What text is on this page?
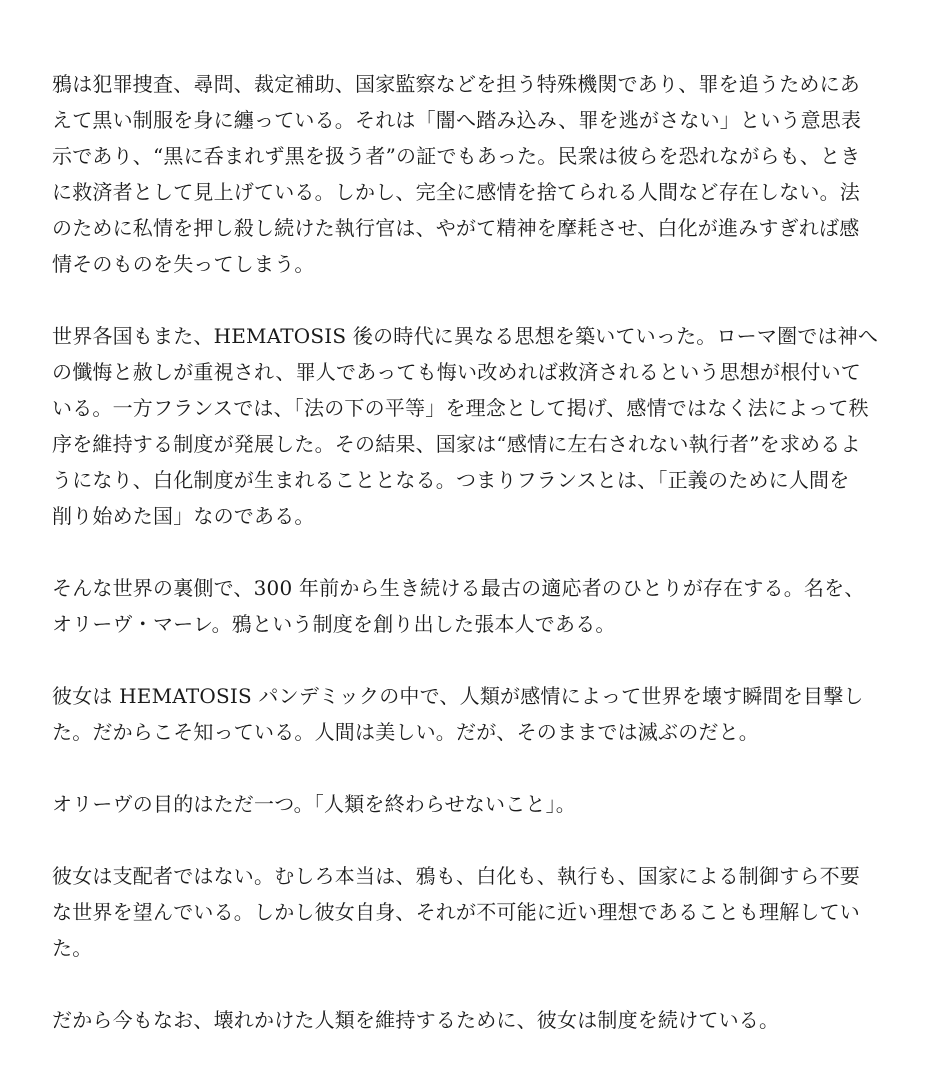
鴉は犯罪捜査、尋問、裁定補助、国家監察などを担う特殊機関であり、罪を追うためにあ
えて黒い制服を身に纏っている。それは「闇へ踏み込み、罪を逃がさない」という意思表
示であり、“黒に呑まれず黒を扱う者”の証でもあった。民衆は彼らを恐れながらも、とき
に救済者として見上げている。しかし、完全に感情を捨てられる人間など存在しない。法
のために私情を押し殺し続けた執行官は、やがて精神を摩耗させ、白化が進みすぎれば感
情そのものを失ってしまう。

世界各国もまた、HEMATOSIS 後の時代に異なる思想を築いていった。ローマ圏では神へ
の懺悔と赦しが重視され、罪人であっても悔い改めれば救済されるという思想が根付いて
いる。一方フランスでは、「法の下の平等」を理念として掲げ、感情ではなく法によって秩
序を維持する制度が発展した。その結果、国家は“感情に左右されない執行者”を求めるよ
うになり、白化制度が生まれることとなる。つまりフランスとは、「正義のために人間を
削り始めた国」なのである。

そんな世界の裏側で、300 年前から生き続ける最古の適応者のひとりが存在する。名を、
オリーヴ・マーレ。鴉という制度を創り出した張本人である。

彼女は HEMATOSIS パンデミックの中で、人類が感情によって世界を壊す瞬間を目撃し
た。だからこそ知っている。人間は美しい。だが、そのままでは滅ぶのだと。

オリーヴの目的はただ一つ。「人類を終わらせないこと」。

彼女は支配者ではない。むしろ本当は、鴉も、白化も、執行も、国家による制御すら不要
な世界を望んでいる。しかし彼女自身、それが不可能に近い理想であることも理解してい
た。

だから今もなお、壊れかけた人類を維持するために、彼女は制度を続けている。
